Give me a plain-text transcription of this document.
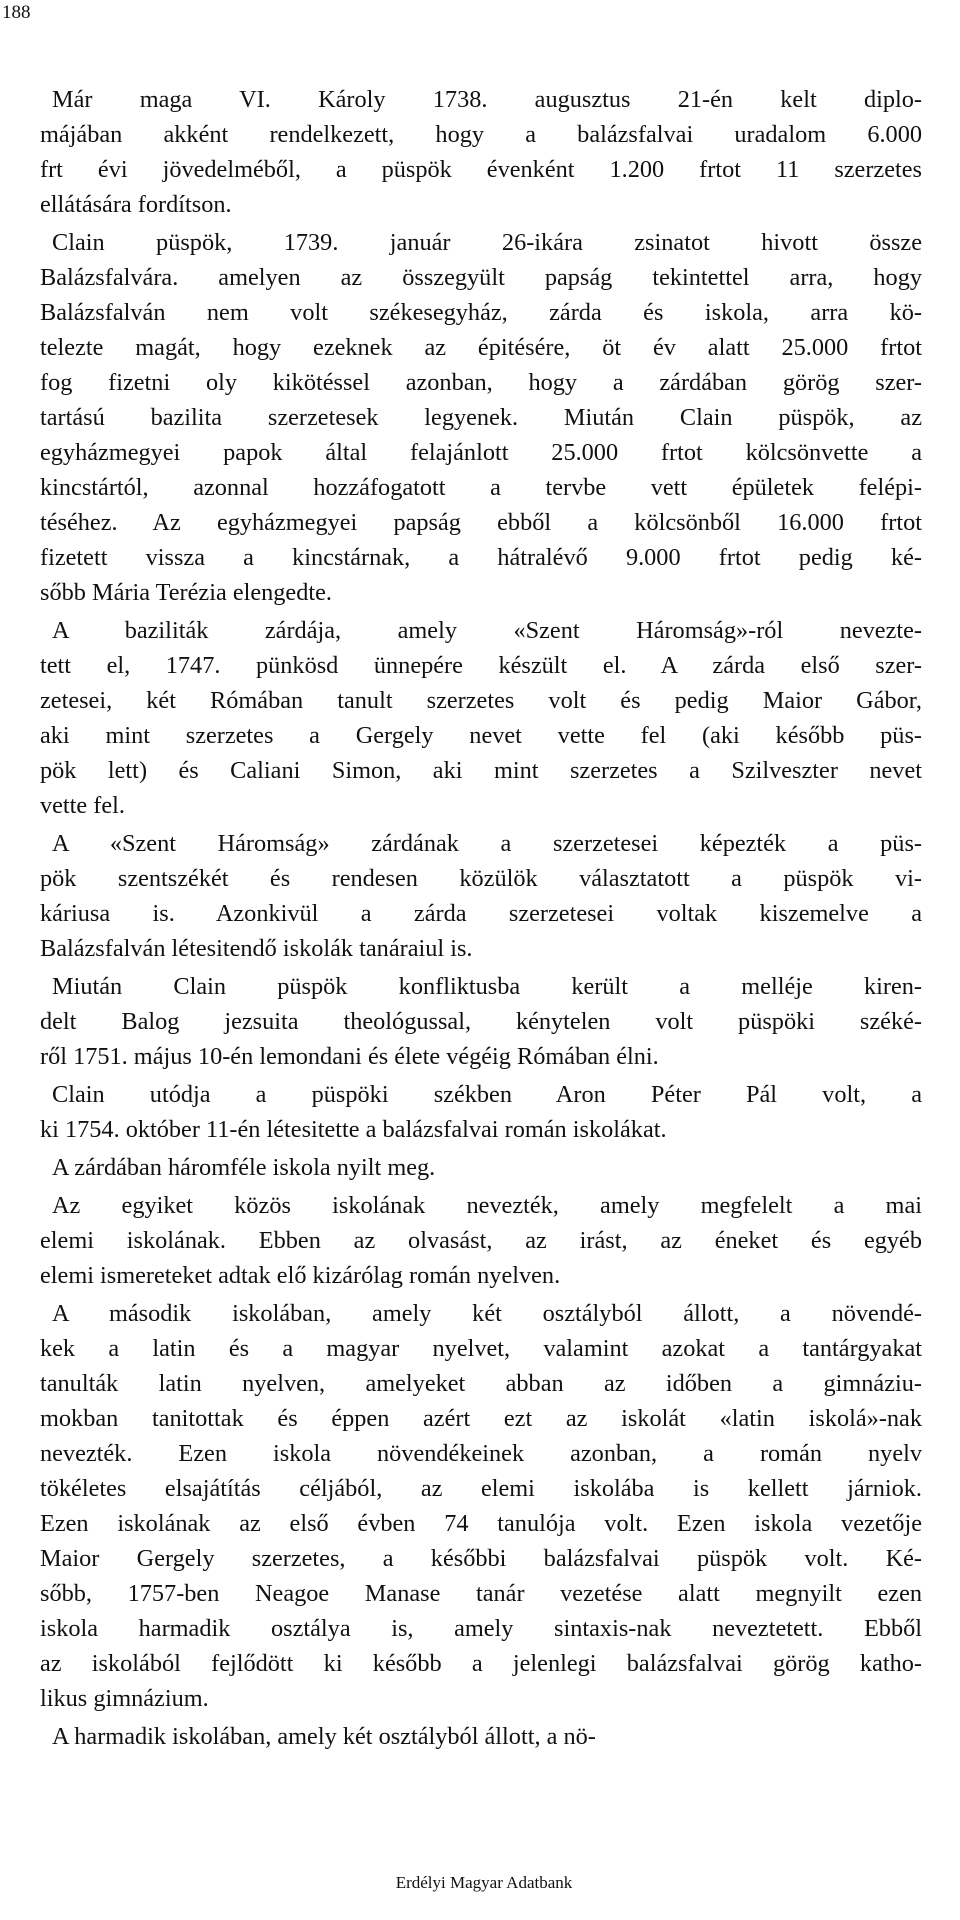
188
Már maga VI. Károly 1738. augusztus 21-én kelt diplo-
májában akként rendelkezett, hogy a balázsfalvai uradalom 6.000
frt évi jövedelméből, a püspök évenként 1.200 frtot 11 szerzetes
ellátására fordítson.
Clain püspök, 1739. január 26-ikára zsinatot hivott össze
Balázsfalvára. amelyen az összegyült papság tekintettel arra, hogy
Balázsfalván nem volt székesegyház, zárda és iskola, arra kö-
telezte magát, hogy ezeknek az épitésére, öt év alatt 25.000 frtot
fog fizetni oly kikötéssel azonban, hogy a zárdában görög szer-
tartású bazilita szerzetesek legyenek. Miután Clain püspök, az
egyházmegyei papok által felajánlott 25.000 frtot kölcsönvette a
kincstártól, azonnal hozzáfogatott a tervbe vett épületek felépi-
téséhez. Az egyházmegyei papság ebből a kölcsönből 16.000 frtot
fizetett vissza a kincstárnak, a hátralévő 9.000 frtot pedig ké-
sőbb Mária Terézia elengedte.
A baziliták zárdája, amely «Szent Háromság»-ról neveztе-
tett el, 1747. pünkösd ünnepére készült el. A zárda első szer-
zetesei, két Rómában tanult szerzetes volt és pedig Maior Gábor,
aki mint szerzetes a Gergely nevet vette fel (aki később püs-
pök lett) és Caliani Simon, aki mint szerzetes a Szilveszter nevet
vette fel.
A «Szent Háromság» zárdának a szerzetesei képezték a püs-
pök szentszékét és rendesen közülök választatott a püspök vi-
káriusa is. Azonkivül a zárda szerzetesei voltak kiszemelve a
Balázsfalván létesitendő iskolák tanáraiul is.
Miután Clain püspök konfliktusba került a melléje kiren-
delt Balog jezsuita theológussal, kénytelen volt püspöki széké-
ről 1751. május 10-én lemondani és élete végéig Rómában élni.
Clain utódja a püspöki székben Aron Péter Pál volt, a
ki 1754. október 11-én létesitette a balázsfalvai román iskolákat.
A zárdában háromféle iskola nyilt meg.
Az egyiket közös iskolának nevezték, amely megfelelt a mai
elemi iskolának. Ebben az olvasást, az irást, az éneket és egyéb
elemi ismereteket adtak elő kizárólag román nyelven.
A második iskolában, amely két osztályból állott, a növendé-
kek a latin és a magyar nyelvet, valamint azokat a tantárgyakat
tanulták latin nyelven, amelyeket abban az időben a gimnáziu-
mokban tanitottak és éppen azért ezt az iskolát «latin iskolá»-nak
nevezték. Ezen iskola növendékeinek azonban, a román nyelv
tökéletes elsajátítás céljából, az elemi iskolába is kellett járniok.
Ezen iskolának az első évben 74 tanulója volt. Ezen iskola vezetője
Maior Gergely szerzetes, a későbbi balázsfalvai püspök volt. Ké-
sőbb, 1757-ben Neagoe Manase tanár vezetése alatt megnyilt ezen
iskola harmadik osztálya is, amely sintaxis-nak neveztetett. Ebből
az iskolából fejlődött ki később a jelenlegi balázsfalvai görög katho-
likus gimnázium.
A harmadik iskolában, amely két osztályból állott, a nö-
Erdélyi Magyar Adatbank
